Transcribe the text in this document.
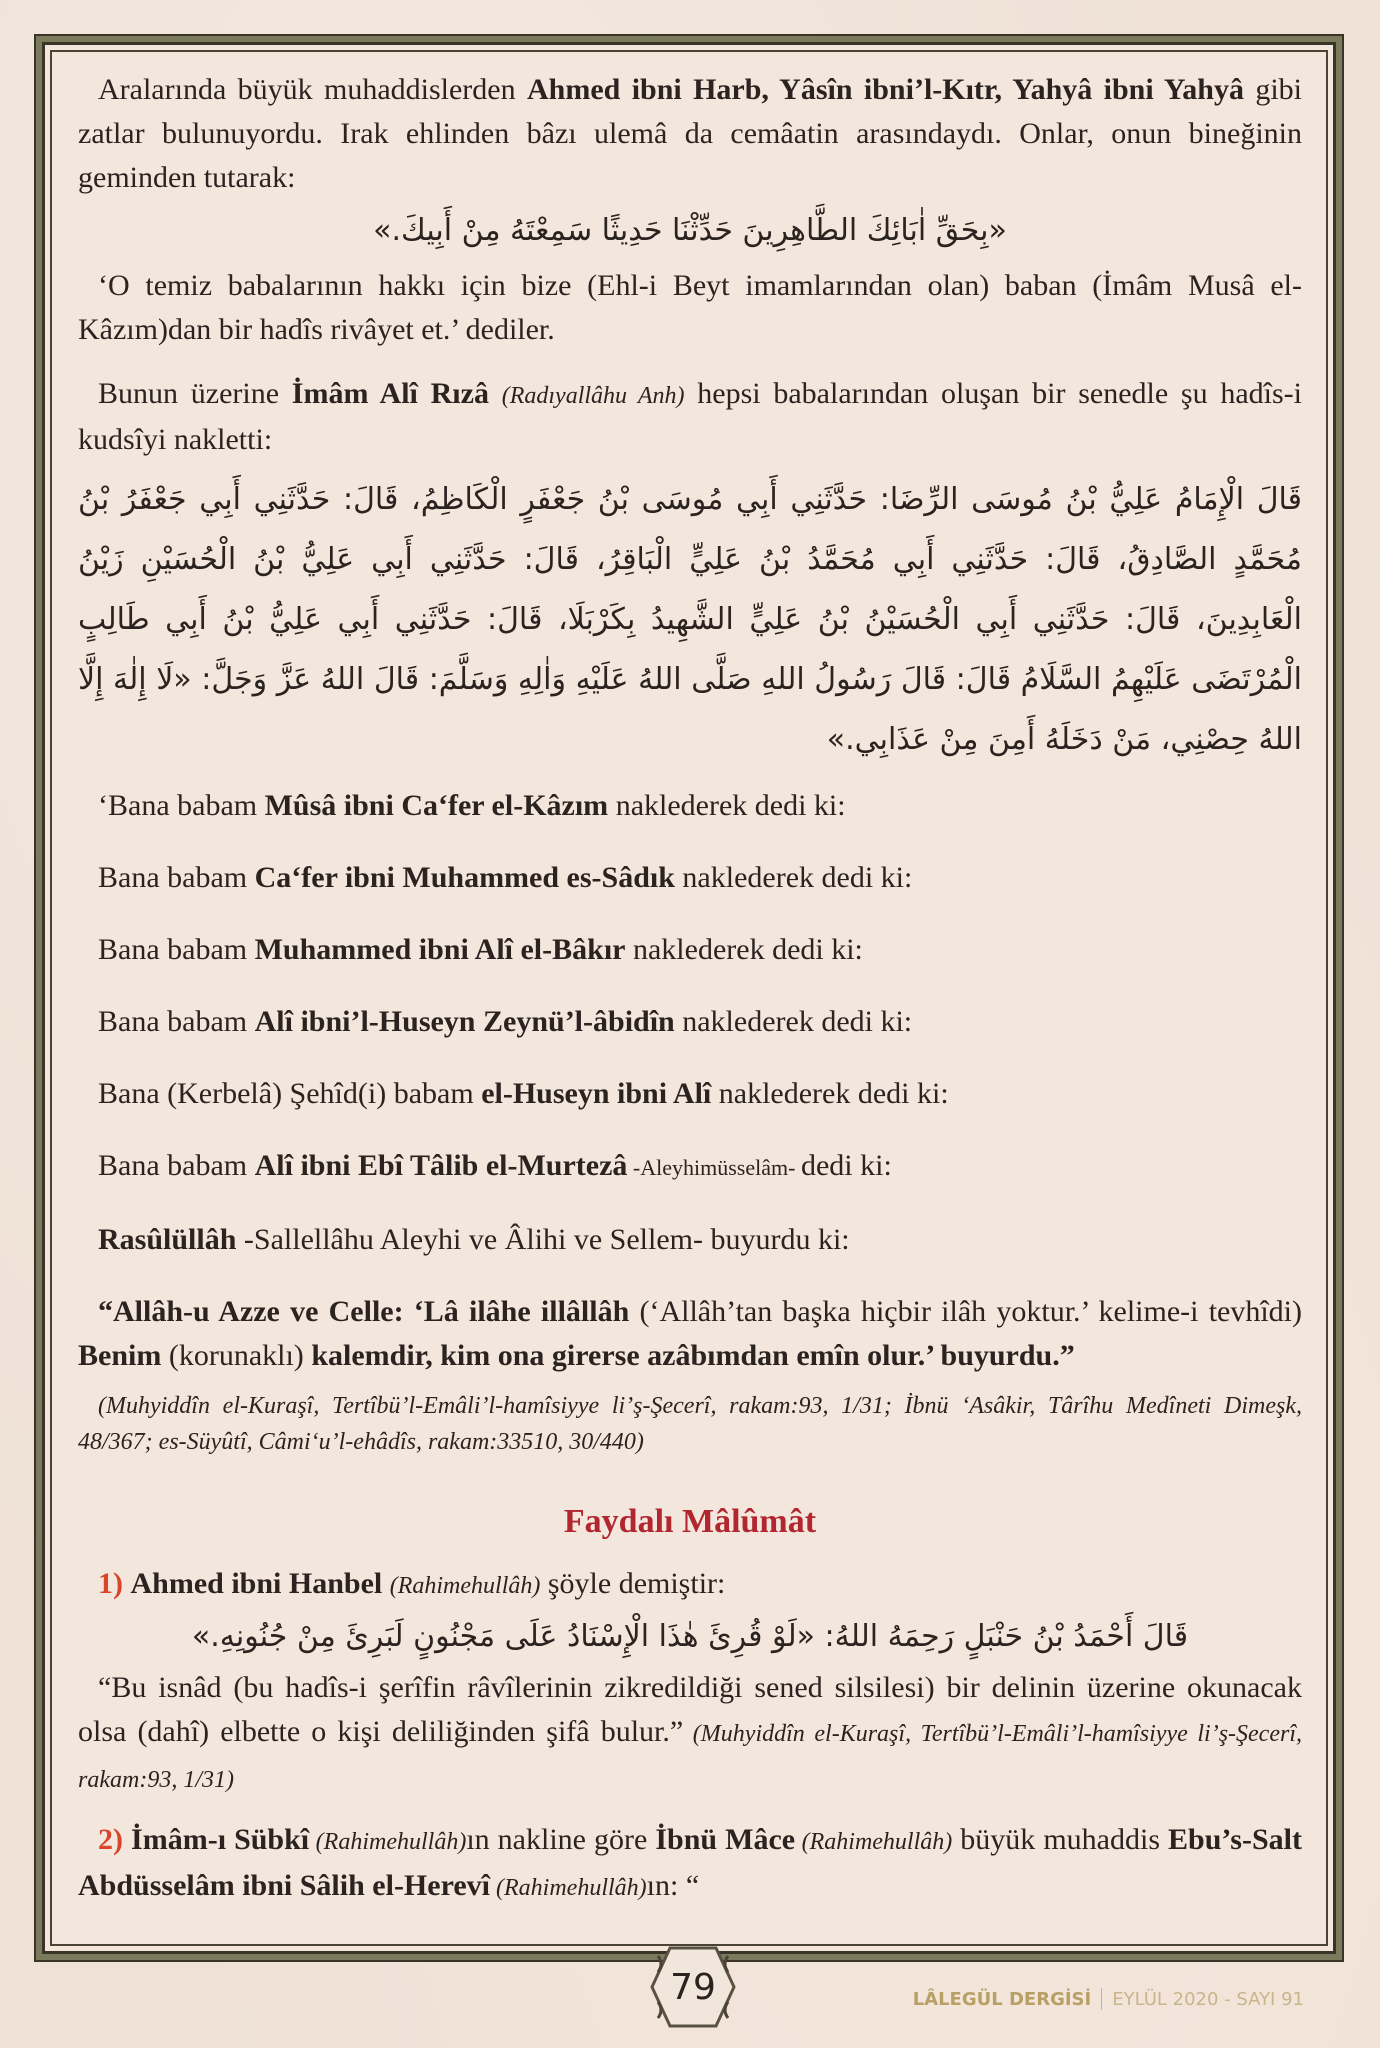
Aralarında büyük muhaddislerden Ahmed ibni Harb, Yâsîn ibni’l-Kıtr, Yahyâ ibni Yahyâ gibi zatlar bulunuyordu. Irak ehlinden bâzı ulemâ da cemâatin arasındaydı. Onlar, onun bineğinin geminden tutarak:

«بِحَقِّ اٰبَائِكَ الطَّاهِرِينَ حَدِّثْنَا حَدِيثًا سَمِعْتَهُ مِنْ أَبِيكَ.»

‘O temiz babalarının hakkı için bize (Ehl-i Beyt imamlarından olan) baban (İmâm Musâ el-Kâzım)dan bir hadîs rivâyet et.’ dediler.

Bunun üzerine İmâm Alî Rızâ (Radıyallâhu Anh) hepsi babalarından oluşan bir senedle şu hadîs-i kudsîyi nakletti:

قَالَ الْإِمَامُ عَلِيُّ بْنُ مُوسَى الرِّضَا: حَدَّثَنِي أَبِي مُوسَى بْنُ جَعْفَرٍ الْكَاظِمُ، قَالَ: حَدَّثَنِي أَبِي جَعْفَرُ بْنُ مُحَمَّدٍ الصَّادِقُ، قَالَ: حَدَّثَنِي أَبِي مُحَمَّدُ بْنُ عَلِيٍّ الْبَاقِرُ، قَالَ: حَدَّثَنِي أَبِي عَلِيُّ بْنُ الْحُسَيْنِ زَيْنُ الْعَابِدِينَ، قَالَ: حَدَّثَنِي أَبِي الْحُسَيْنُ بْنُ عَلِيٍّ الشَّهِيدُ بِكَرْبَلَا، قَالَ: حَدَّثَنِي أَبِي عَلِيُّ بْنُ أَبِي طَالِبٍ الْمُرْتَضَى عَلَيْهِمُ السَّلَامُ قَالَ: قَالَ رَسُولُ اللهِ صَلَّى اللهُ عَلَيْهِ وَاٰلِهِ وَسَلَّمَ: قَالَ اللهُ عَزَّ وَجَلَّ: «لَا إِلٰهَ إِلَّا اللهُ حِصْنِي، مَنْ دَخَلَهُ أَمِنَ مِنْ عَذَابِي.»

‘Bana babam Mûsâ ibni Ca‘fer el-Kâzım naklederek dedi ki:

Bana babam Ca‘fer ibni Muhammed es-Sâdık naklederek dedi ki:

Bana babam Muhammed ibni Alî el-Bâkır naklederek dedi ki:

Bana babam Alî ibni’l-Huseyn Zeynü’l-âbidîn naklederek dedi ki:

Bana (Kerbelâ) Şehîd(i) babam el-Huseyn ibni Alî naklederek dedi ki:

Bana babam Alî ibni Ebî Tâlib el-Murtezâ -Aleyhimüsselâm- dedi ki:

Rasûlüllâh -Sallellâhu Aleyhi ve Âlihi ve Sellem- buyurdu ki:

“Allâh-u Azze ve Celle: ‘Lâ ilâhe illâllâh (‘Allâh’tan başka hiçbir ilâh yoktur.’ kelime-i tevhîdi) Benim (korunaklı) kalemdir, kim ona girerse azâbımdan emîn olur.’ buyurdu.”

(Muhyiddîn el-Kuraşî, Tertîbü’l-Emâli’l-hamîsiyye li’ş-Şecerî, rakam:93, 1/31; İbnü ‘Asâkir, Târîhu Medîneti Dimeşk, 48/367; es-Süyûtî, Câmi‘u’l-ehâdîs, rakam:33510, 30/440)

Faydalı Mâlûmât

1) Ahmed ibni Hanbel (Rahimehullâh) şöyle demiştir:

قَالَ أَحْمَدُ بْنُ حَنْبَلٍ رَحِمَهُ اللهُ: «لَوْ قُرِئَ هٰذَا الْإِسْنَادُ عَلَى مَجْنُونٍ لَبَرِئَ مِنْ جُنُونِهِ.»

“Bu isnâd (bu hadîs-i şerîfin râvîlerinin zikredildiği sened silsilesi) bir delinin üzerine okunacak olsa (dahî) elbette o kişi deliliğinden şifâ bulur.” (Muhyiddîn el-Kuraşî, Tertîbü’l-Emâli’l-hamîsiyye li’ş-Şecerî, rakam:93, 1/31)

2) İmâm-ı Sübkî (Rahimehullâh)ın nakline göre İbnü Mâce (Rahimehullâh) büyük muhaddis Ebu’s-Salt Abdüsselâm ibni Sâlih el-Herevî (Rahimehullâh)ın: “

79	LÂLEGÜL DERGİSİ EYLÜL 2020 - SAYI 91
